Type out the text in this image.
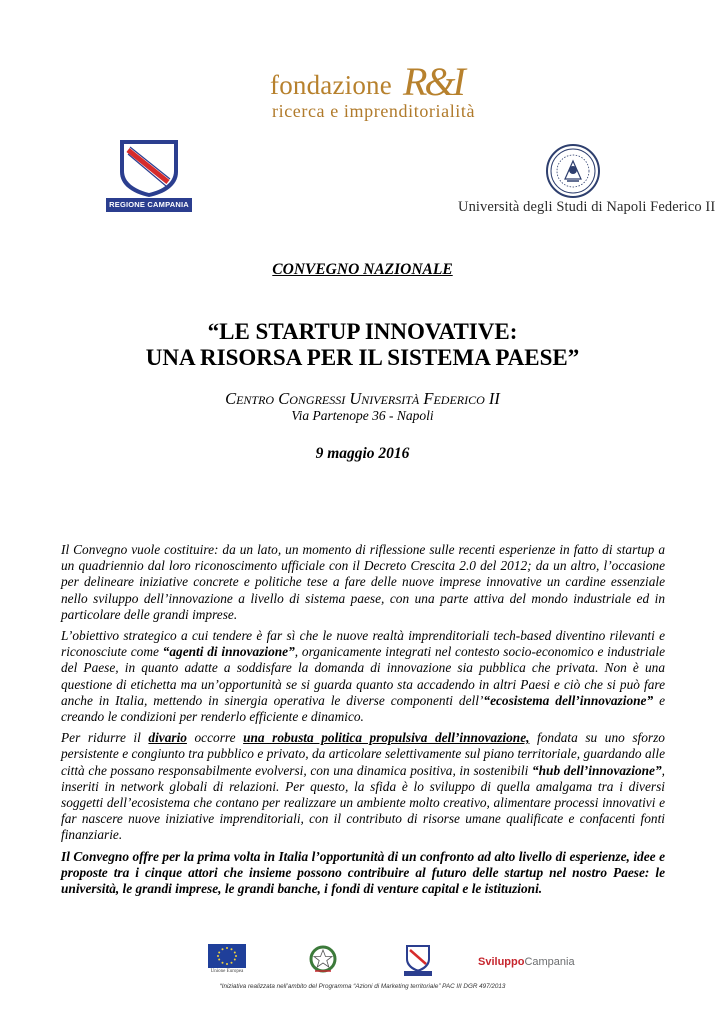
fondazione R&I
ricerca e imprenditorialità
REGIONE CAMPANIA	Università degli Studi di Napoli Federico II
CONVEGNO NAZIONALE
“LE STARTUP INNOVATIVE:
UNA RISORSA PER IL SISTEMA PAESE”
Centro Congressi Università Federico II
Via Partenope 36 - Napoli
9 maggio 2016

Il Convegno vuole costituire: da un lato, un momento di riflessione sulle recenti esperienze in fatto di startup a un quadriennio dal loro riconoscimento ufficiale con il Decreto Crescita 2.0 del 2012; da un altro, l’occasione per delineare iniziative concrete e politiche tese a fare delle nuove imprese innovative un cardine essenziale nello sviluppo dell’innovazione a livello di sistema paese, con una parte attiva del mondo industriale ed in particolare delle grandi imprese.

L’obiettivo strategico a cui tendere è far sì che le nuove realtà imprenditoriali tech-based diventino rilevanti e riconosciute come “agenti di innovazione”, organicamente integrati nel contesto socio-economico e industriale del Paese, in quanto adatte a soddisfare la domanda di innovazione sia pubblica che privata. Non è una questione di etichetta ma un’opportunità se si guarda quanto sta accadendo in altri Paesi e ciò che si può fare anche in Italia, mettendo in sinergia operativa le diverse componenti dell’“ecosistema dell’innovazione” e creando le condizioni per renderlo efficiente e dinamico.

Per ridurre il divario occorre una robusta politica propulsiva dell’innovazione, fondata su uno sforzo persistente e congiunto tra pubblico e privato, da articolare selettivamente sul piano territoriale, guardando alle città che possano responsabilmente evolversi, con una dinamica positiva, in sostenibili “hub dell’innovazione”, inseriti in network globali di relazioni. Per questo, la sfida è lo sviluppo di quella amalgama tra i diversi soggetti dell’ecosistema che contano per realizzare un ambiente molto creativo, alimentare processi innovativi e far nascere nuove iniziative imprenditoriali, con il contributo di risorse umane qualificate e confacenti fonti finanziarie.

Il Convegno offre per la prima volta in Italia l’opportunità di un confronto ad alto livello di esperienze, idee e proposte tra i cinque attori che insieme possono contribuire al futuro delle startup nel nostro Paese: le università, le grandi imprese, le grandi banche, i fondi di venture capital e le istituzioni.

Unione Europea
SviluppoCampania
“Iniziativa realizzata nell’ambito del Programma “Azioni di Marketing territoriale” PAC III DGR 497/2013
